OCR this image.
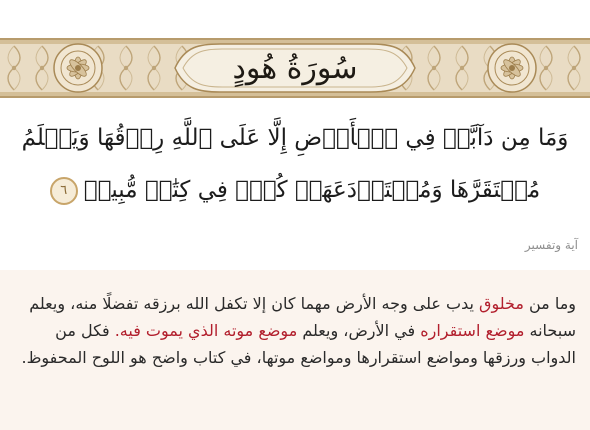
سُورَةُ هُودٍ
وَمَا مِن دَآبَّةٖ فِي ٱلۡأَرۡضِ إِلَّا عَلَى ٱللَّهِ رِزۡقُهَا وَيَعۡلَمُ مُسۡتَقَرَّهَا وَمُسۡتَوۡدَعَهَاۚ كُلّٞ فِي كِتَٰبٖ مُّبِينٖ٦
آية وتفسير
وما من مخلوق يدب على وجه الأرض مهما كان إلا تكفل الله برزقه تفضلًا منه، ويعلم سبحانه موضع استقراره في الأرض، ويعلم موضع موته الذي يموت فيه. فكل من الدواب ورزقها ومواضع استقرارها ومواضع موتها، في كتاب واضح هو اللوح المحفوظ.
